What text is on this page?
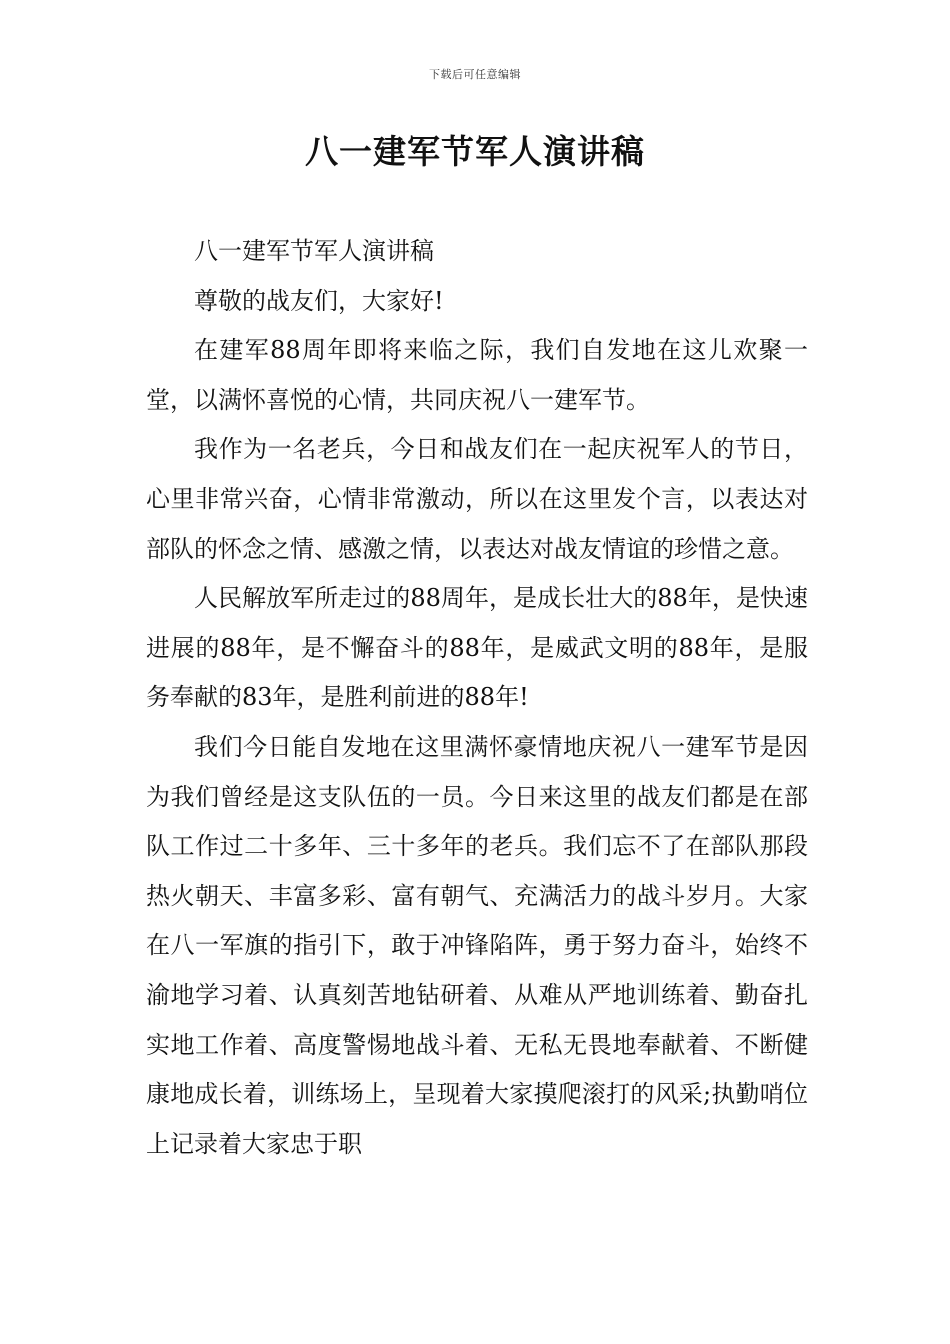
下载后可任意编辑
八一建军节军人演讲稿

八一建军节军人演讲稿

尊敬的战友们，大家好!

在建军88周年即将来临之际，我们自发地在这儿欢聚一堂，以满怀喜悦的心情，共同庆祝八一建军节。

我作为一名老兵，今日和战友们在一起庆祝军人的节日，心里非常兴奋，心情非常激动，所以在这里发个言，以表达对部队的怀念之情、感激之情，以表达对战友情谊的珍惜之意。

人民解放军所走过的88周年，是成长壮大的88年，是快速进展的88年，是不懈奋斗的88年，是威武文明的88年，是服务奉献的83年，是胜利前进的88年!

我们今日能自发地在这里满怀豪情地庆祝八一建军节是因为我们曾经是这支队伍的一员。今日来这里的战友们都是在部队工作过二十多年、三十多年的老兵。我们忘不了在部队那段热火朝天、丰富多彩、富有朝气、充满活力的战斗岁月。大家在八一军旗的指引下，敢于冲锋陷阵，勇于努力奋斗，始终不渝地学习着、认真刻苦地钻研着、从难从严地训练着、勤奋扎实地工作着、高度警惕地战斗着、无私无畏地奉献着、不断健康地成长着，训练场上，呈现着大家摸爬滚打的风采;执勤哨位上记录着大家忠于职
